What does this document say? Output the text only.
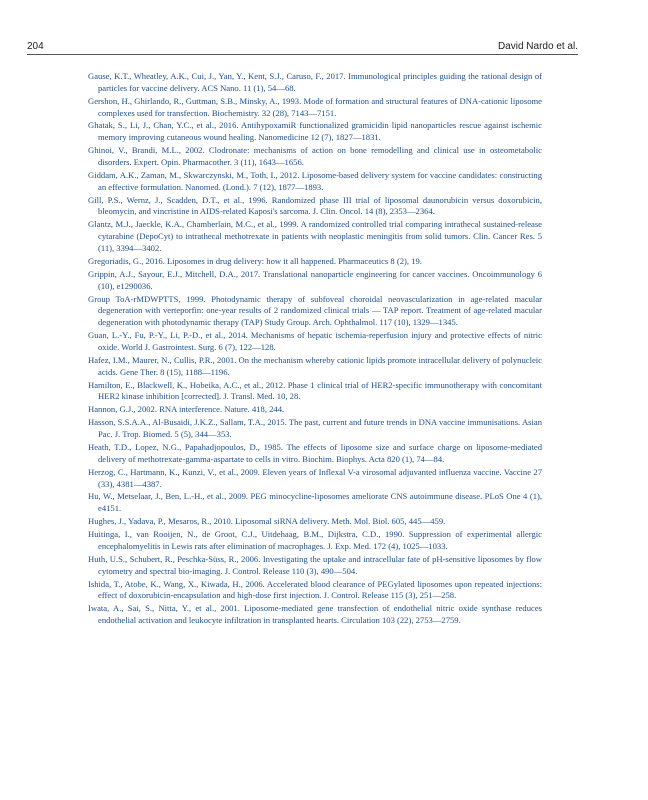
204	David Nardo et al.
Gause, K.T., Wheatley, A.K., Cui, J., Yan, Y., Kent, S.J., Caruso, F., 2017. Immunological principles guiding the rational design of particles for vaccine delivery. ACS Nano. 11 (1), 54—68.
Gershon, H., Ghirlando, R., Guttman, S.B., Minsky, A., 1993. Mode of formation and structural features of DNA-cationic liposome complexes used for transfection. Biochemistry. 32 (28), 7143—7151.
Ghatak, S., Li, J., Chan, Y.C., et al., 2016. AntihypoxamiR functionalized gramicidin lipid nanoparticles rescue against ischemic memory improving cutaneous wound healing. Nanomedicine 12 (7), 1827—1831.
Ghinoi, V., Brandi, M.L., 2002. Clodronate: mechanisms of action on bone remodelling and clinical use in osteometabolic disorders. Expert. Opin. Pharmacother. 3 (11), 1643—1656.
Giddam, A.K., Zaman, M., Skwarczynski, M., Toth, I., 2012. Liposome-based delivery system for vaccine candidates: constructing an effective formulation. Nanomed. (Lond.). 7 (12), 1877—1893.
Gill, P.S., Wernz, J., Scadden, D.T., et al., 1996. Randomized phase III trial of liposomal daunorubicin versus doxorubicin, bleomycin, and vincristine in AIDS-related Kaposi's sarcoma. J. Clin. Oncol. 14 (8), 2353—2364.
Glantz, M.J., Jaeckle, K.A., Chamberlain, M.C., et al., 1999. A randomized controlled trial comparing intrathecal sustained-release cytarabine (DepoCyt) to intrathecal methotrexate in patients with neoplastic meningitis from solid tumors. Clin. Cancer Res. 5 (11), 3394—3402.
Gregoriadis, G., 2016. Liposomes in drug delivery: how it all happened. Pharmaceutics 8 (2), 19.
Grippin, A.J., Sayour, E.J., Mitchell, D.A., 2017. Translational nanoparticle engineering for cancer vaccines. Oncoimmunology 6 (10), e1290036.
Group ToA-rMDWPTTS, 1999. Photodynamic therapy of subfoveal choroidal neovascularization in age-related macular degeneration with verteporfin: one-year results of 2 randomized clinical trials — TAP report. Treatment of age-related macular degeneration with photodynamic therapy (TAP) Study Group. Arch. Ophthalmol. 117 (10), 1329—1345.
Guan, L.-Y., Fu, P.-Y., Li, P.-D., et al., 2014. Mechanisms of hepatic ischemia-reperfusion injury and protective effects of nitric oxide. World J. Gastrointest. Surg. 6 (7), 122—128.
Hafez, I.M., Maurer, N., Cullis, P.R., 2001. On the mechanism whereby cationic lipids promote intracellular delivery of polynucleic acids. Gene Ther. 8 (15), 1188—1196.
Hamilton, E., Blackwell, K., Hobeika, A.C., et al., 2012. Phase 1 clinical trial of HER2-specific immunotherapy with concomitant HER2 kinase inhibition [corrected]. J. Transl. Med. 10, 28.
Hannon, G.J., 2002. RNA interference. Nature. 418, 244.
Hasson, S.S.A.A., Al-Busaidi, J.K.Z., Sallam, T.A., 2015. The past, current and future trends in DNA vaccine immunisations. Asian Pac. J. Trop. Biomed. 5 (5), 344—353.
Heath, T.D., Lopez, N.G., Papahadjopoulos, D., 1985. The effects of liposome size and surface charge on liposome-mediated delivery of methotrexate-gamma-aspartate to cells in vitro. Biochim. Biophys. Acta 820 (1), 74—84.
Herzog, C., Hartmann, K., Kunzi, V., et al., 2009. Eleven years of Inflexal V-a virosomal adjuvanted influenza vaccine. Vaccine 27 (33), 4381—4387.
Hu, W., Metselaar, J., Ben, L.-H., et al., 2009. PEG minocycline-liposomes ameliorate CNS autoimmune disease. PLoS One 4 (1), e4151.
Hughes, J., Yadava, P., Mesaros, R., 2010. Liposomal siRNA delivery. Meth. Mol. Biol. 605, 445—459.
Huitinga, I., van Rooijen, N., de Groot, C.J., Uitdehaag, B.M., Dijkstra, C.D., 1990. Suppression of experimental allergic encephalomyelitis in Lewis rats after elimination of macrophages. J. Exp. Med. 172 (4), 1025—1033.
Huth, U.S., Schubert, R., Peschka-Süss, R., 2006. Investigating the uptake and intracellular fate of pH-sensitive liposomes by flow cytometry and spectral bio-imaging. J. Control. Release 110 (3), 490—504.
Ishida, T., Atobe, K., Wang, X., Kiwada, H., 2006. Accelerated blood clearance of PEGylated liposomes upon repeated injections: effect of doxorubicin-encapsulation and high-dose first injection. J. Control. Release 115 (3), 251—258.
Iwata, A., Sai, S., Nitta, Y., et al., 2001. Liposome-mediated gene transfection of endothelial nitric oxide synthase reduces endothelial activation and leukocyte infiltration in transplanted hearts. Circulation 103 (22), 2753—2759.
